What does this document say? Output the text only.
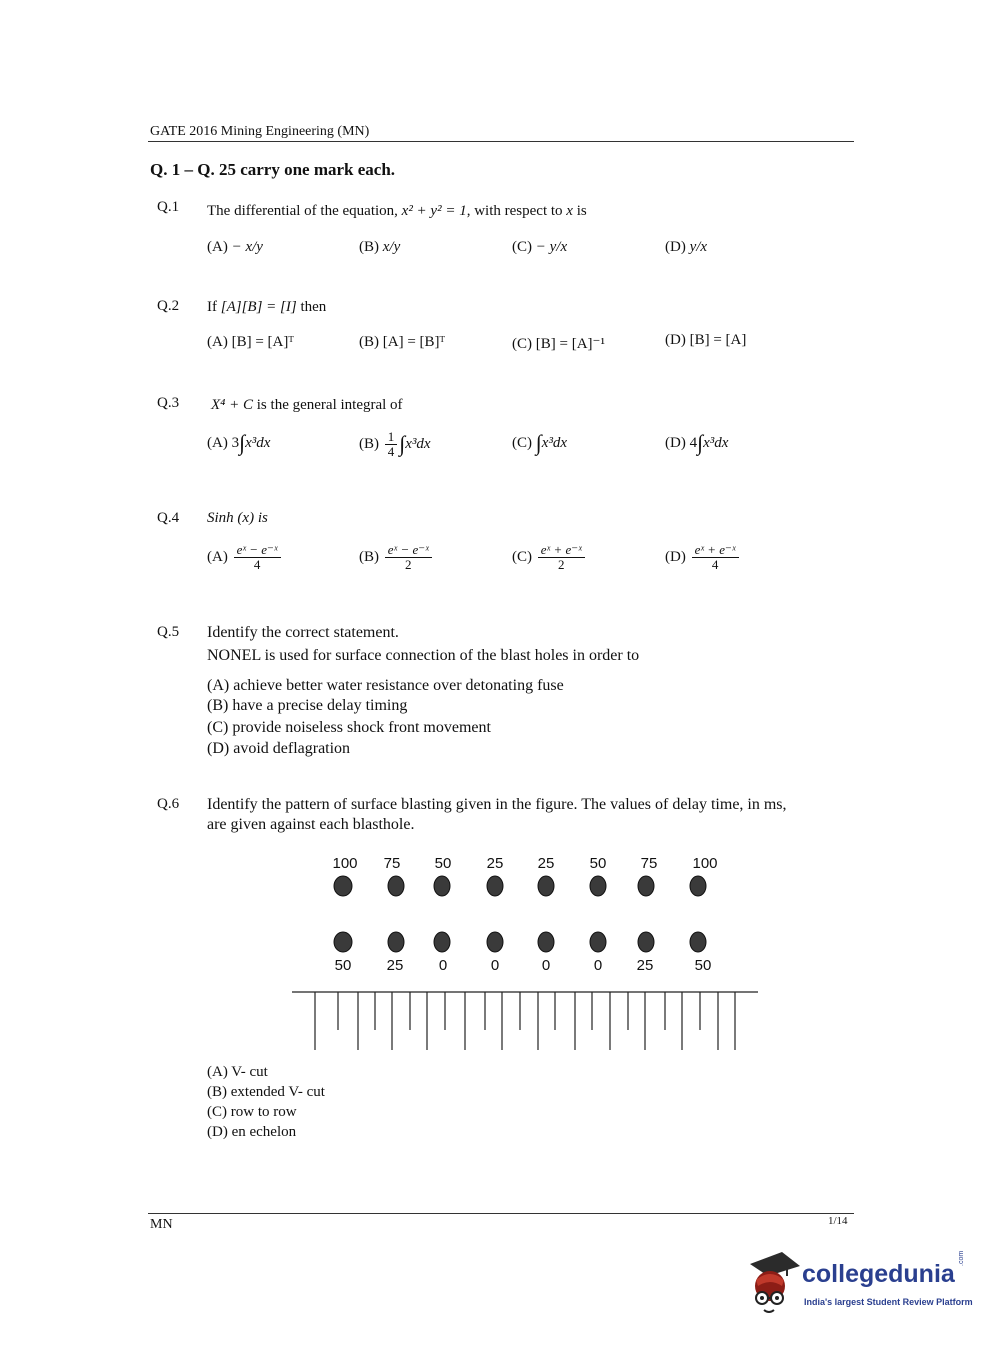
GATE 2016 Mining Engineering (MN)
Q. 1 – Q. 25 carry one mark each.
Q.1 The differential of the equation, x² + y² = 1, with respect to x is
(A) − x/y	(B) x/y	(C) − y/x	(D) y/x
Q.2 If [A][B] = [I] then
(A) [B] = [A]ᵀ	(B) [A] = [B]ᵀ	(C) [B] = [A]⁻¹	(D) [B] = [A]
Q.3 X⁴ + C is the general integral of
(A) 3∫x³dx	$(B) \frac{1}{4} \int x^3dx$	(C) ∫x³dx	(D) 4∫x³dx
Q.4 Sinh (x) is
$(A) \frac{\text{eˣ − e⁻ˣ}}{4}$	$(B) \frac{\text{eˣ − e⁻ˣ}}{2}$	$(C) \frac{\text{eˣ + e⁻ˣ}}{2}$	$(D) \frac{\text{eˣ + e⁻ˣ}}{4}$
Q.5 Identify the correct statement.
NONEL is used for surface connection of the blast holes in order to
(A) achieve better water resistance over detonating fuse
(B) have a precise delay timing
(C) provide noiseless shock front movement
(D) avoid deflagration
Q.6 Identify the pattern of surface blasting given in the figure. The values of delay time, in ms,
are given against each blasthole.
100	75	50	25	25	50	75	100
50	25	0	0	0	0	25	50
(A) V- cut
(B) extended V- cut
(C) row to row
(D) en echelon
MN	1/14
collegedunia
.com
India's largest Student Review Platform
